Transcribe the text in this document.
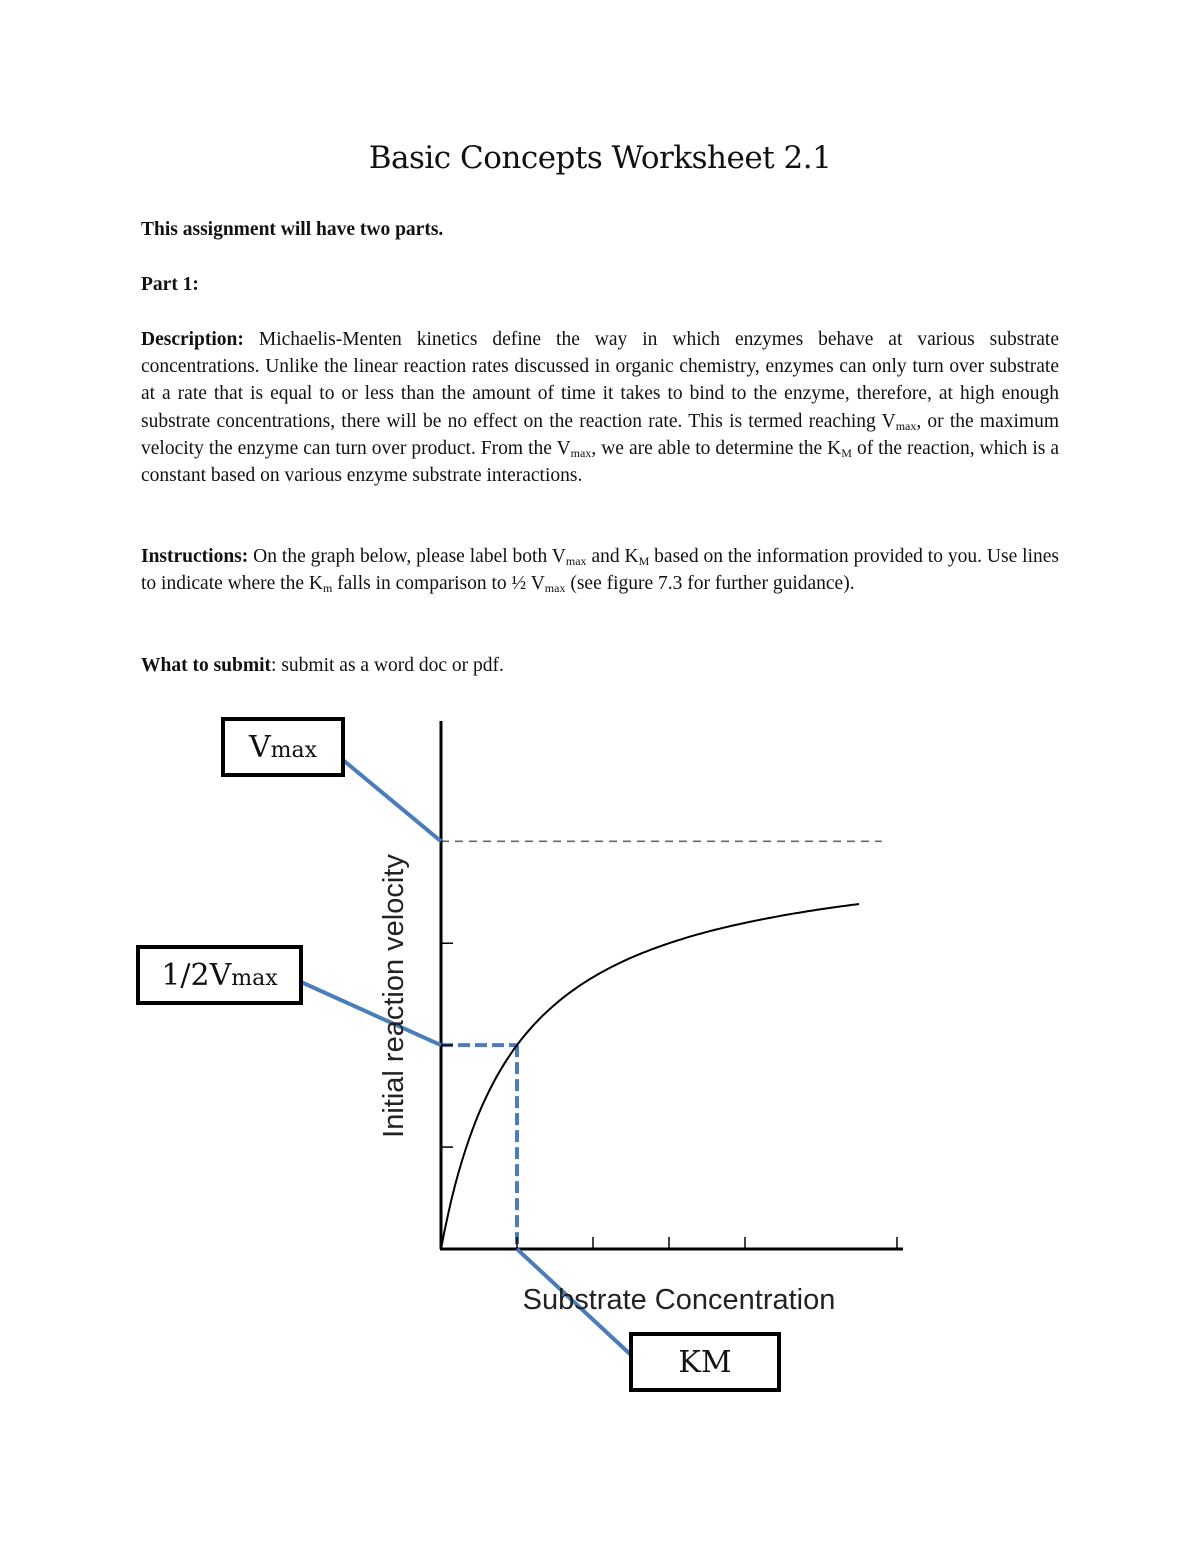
Basic Concepts Worksheet 2.1
This assignment will have two parts.
Part 1:
Description: Michaelis-Menten kinetics define the way in which enzymes behave at various substrate concentrations. Unlike the linear reaction rates discussed in organic chemistry, enzymes can only turn over substrate at a rate that is equal to or less than the amount of time it takes to bind to the enzyme, therefore, at high enough substrate concentrations, there will be no effect on the reaction rate. This is termed reaching $V_{max}$, or the maximum velocity the enzyme can turn over product. From the $V_{max}$, we are able to determine the $K_M$ of the reaction, which is a constant based on various enzyme substrate interactions.
Instructions: On the graph below, please label both $V_{max}$ and $K_M$ based on the information provided to you. Use lines to indicate where the $K_m$ falls in comparison to ½ $V_{max}$ (see figure 7.3 for further guidance).
What to submit: submit as a word doc or pdf.
Substrate Concentration
Initial reaction velocity
V max
1/2V max
KM
